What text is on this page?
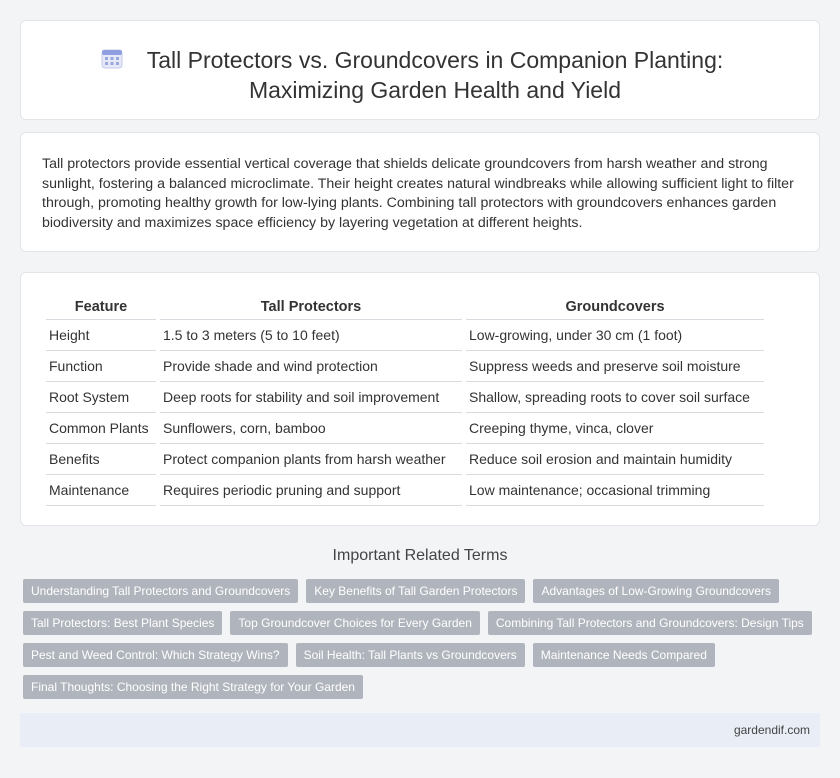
Tall Protectors vs. Groundcovers in Companion Planting: Maximizing Garden Health and Yield

Tall protectors provide essential vertical coverage that shields delicate groundcovers from harsh weather and strong sunlight, fostering a balanced microclimate. Their height creates natural windbreaks while allowing sufficient light to filter through, promoting healthy growth for low-lying plants. Combining tall protectors with groundcovers enhances garden biodiversity and maximizes space efficiency by layering vegetation at different heights.

Feature	Tall Protectors	Groundcovers
Height	1.5 to 3 meters (5 to 10 feet)	Low-growing, under 30 cm (1 foot)
Function	Provide shade and wind protection	Suppress weeds and preserve soil moisture
Root System	Deep roots for stability and soil improvement	Shallow, spreading roots to cover soil surface
Common Plants	Sunflowers, corn, bamboo	Creeping thyme, vinca, clover
Benefits	Protect companion plants from harsh weather	Reduce soil erosion and maintain humidity
Maintenance	Requires periodic pruning and support	Low maintenance; occasional trimming
Important Related Terms
Understanding Tall Protectors and Groundcovers	Key Benefits of Tall Garden Protectors	Advantages of Low-Growing Groundcovers
Tall Protectors: Best Plant Species	Top Groundcover Choices for Every Garden	Combining Tall Protectors and Groundcovers: Design Tips
Pest and Weed Control: Which Strategy Wins?	Soil Health: Tall Plants vs Groundcovers	Maintenance Needs Compared
Final Thoughts: Choosing the Right Strategy for Your Garden
gardendif.com
